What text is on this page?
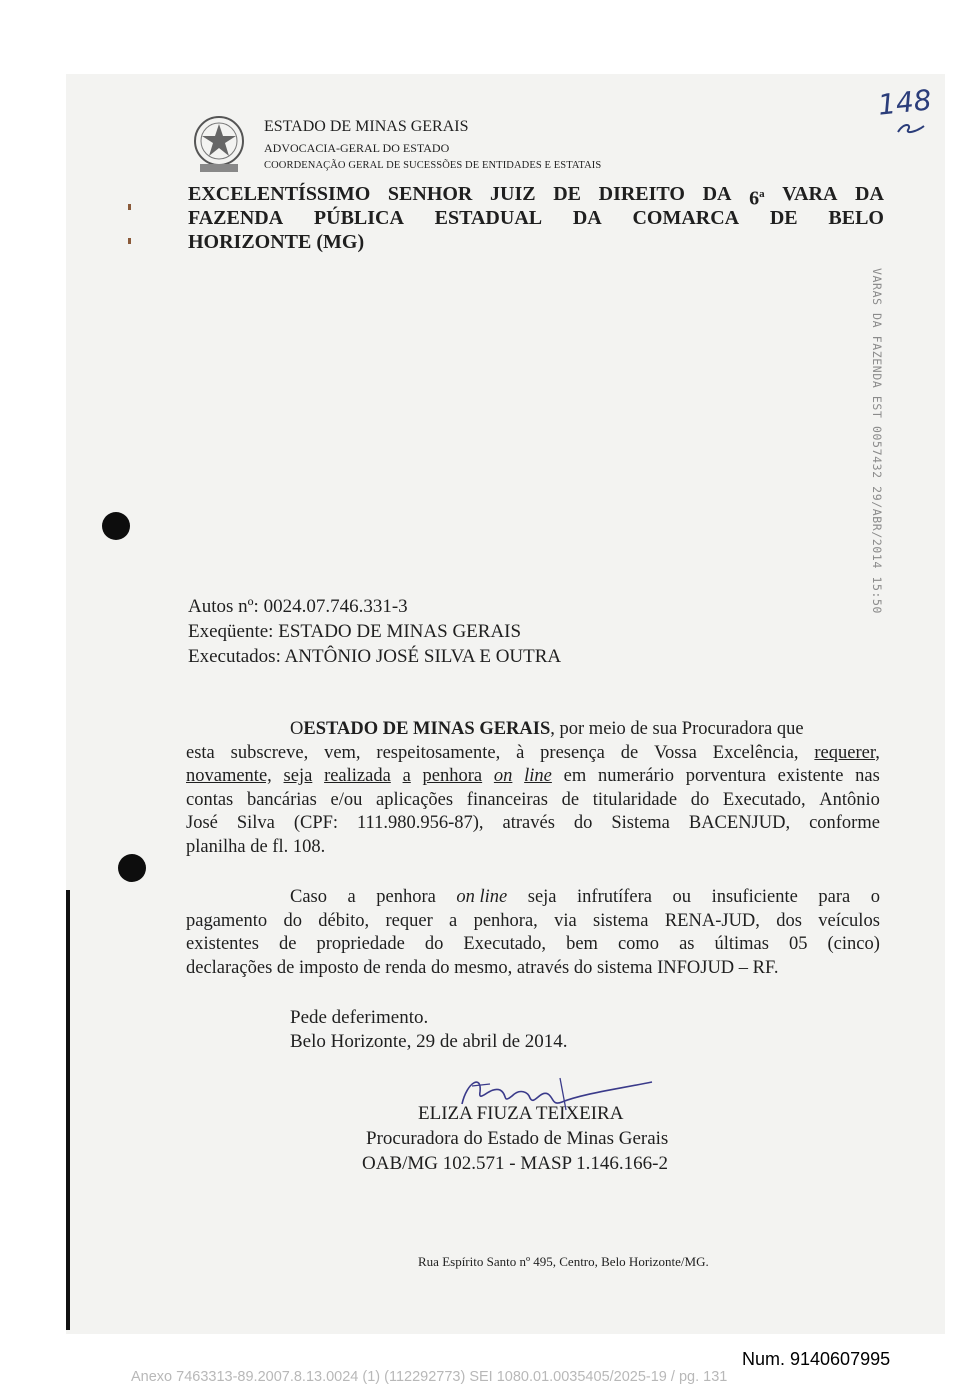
ESTADO DE MINAS GERAIS
ADVOCACIA-GERAL DO ESTADO
COORDENAÇÃO GERAL DE SUCESSÕES DE ENTIDADES E ESTATAIS
148
EXCELENTÍSSIMO SENHOR JUIZ DE DIREITO DA 6$^a$ VARA DA
FAZENDA PÚBLICA ESTADUAL DA COMARCA DE BELO
HORIZONTE (MG)
VARAS DA FAZENDA EST 0057432 29/ABR/2014 15:50
Autos nº: 0024.07.746.331-3
Exeqüente: ESTADO DE MINAS GERAIS
Executados: ANTÔNIO JOSÉ SILVA E OUTRA
O ESTADO DE MINAS GERAIS , por meio de sua Procuradora que
esta subscreve, vem, respeitosamente, à presença de Vossa Excelência, requerer,
novamente, seja realizada a penhora on line em numerário porventura existente nas
contas bancárias e/ou aplicações financeiras de titularidade do Executado, Antônio
José Silva (CPF: 111.980.956-87), através do Sistema BACENJUD, conforme
planilha de fl. 108.
Caso a penhora on line seja infrutífera ou insuficiente para o
pagamento do débito, requer a penhora, via sistema RENA-JUD, dos veículos
existentes de propriedade do Executado, bem como as últimas 05 (cinco)
declarações de imposto de renda do mesmo, através do sistema INFOJUD – RF.
Pede deferimento.
Belo Horizonte, 29 de abril de 2014.
ELIZA FIUZA TEIXEIRA
Procuradora do Estado de Minas Gerais
OAB/MG 102.571 - MASP 1.146.166-2
Rua Espírito Santo nº 495, Centro, Belo Horizonte/MG.
Num. 9140607995
Anexo 7463313-89.2007.8.13.0024 (1) (112292773) SEI 1080.01.0035405/2025-19 / pg. 131
